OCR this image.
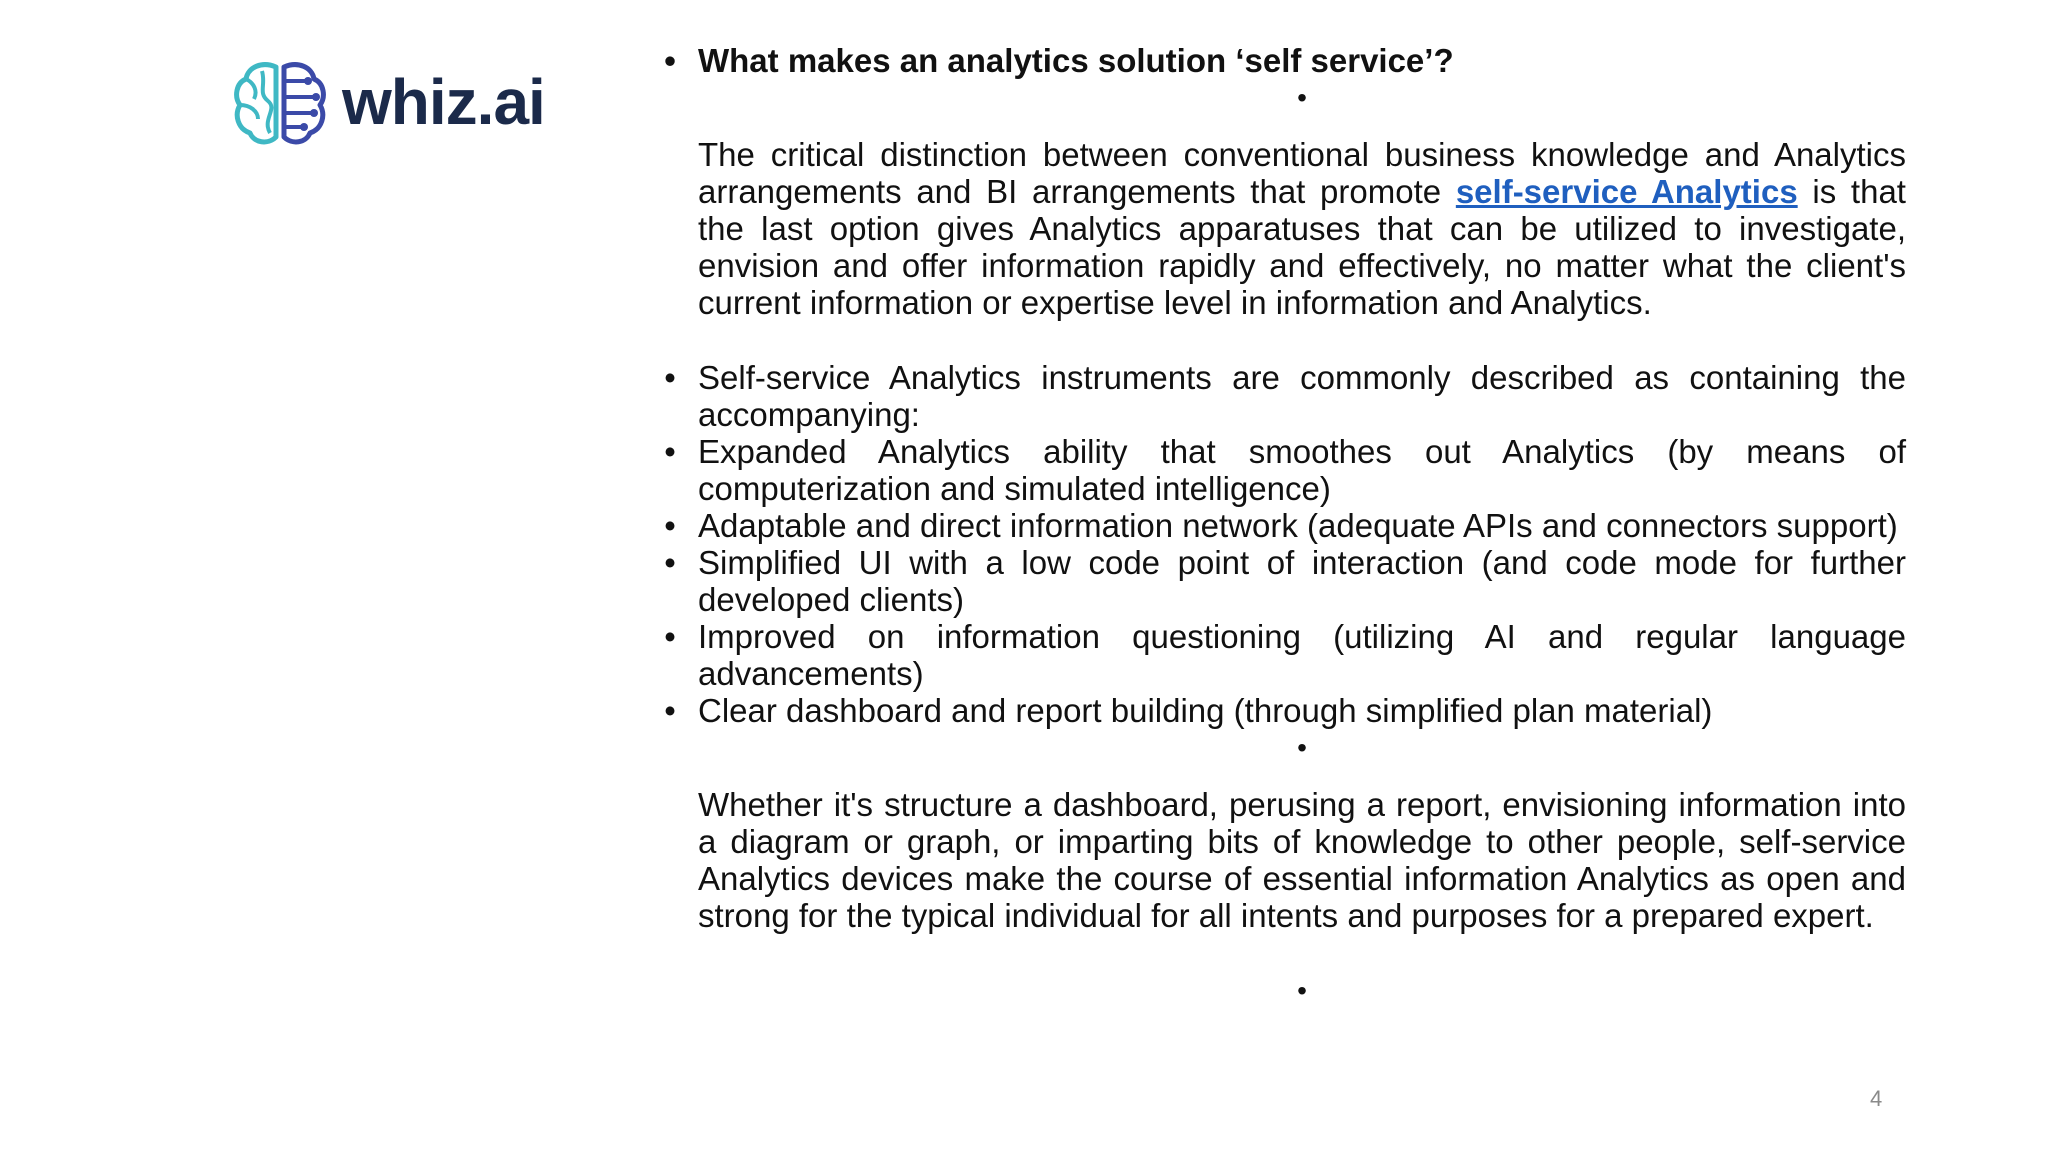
whiz.ai
• What makes an analytics solution ‘self service’?
•
The critical distinction between conventional business knowledge and Analytics arrangements and BI arrangements that promote self-service Analytics is that the last option gives Analytics apparatuses that can be utilized to investigate, envision and offer information rapidly and effectively, no matter what the client's current information or expertise level in information and Analytics.
• Self-service Analytics instruments are commonly described as containing the accompanying:
• Expanded Analytics ability that smoothes out Analytics (by means of computerization and simulated intelligence)
• Adaptable and direct information network (adequate APIs and connectors support)
• Simplified UI with a low code point of interaction (and code mode for further developed clients)
• Improved on information questioning (utilizing AI and regular language advancements)
• Clear dashboard and report building (through simplified plan material)
•
Whether it's structure a dashboard, perusing a report, envisioning information into a diagram or graph, or imparting bits of knowledge to other people, self-service Analytics devices make the course of essential information Analytics as open and strong for the typical individual for all intents and purposes for a prepared expert.
•
4
